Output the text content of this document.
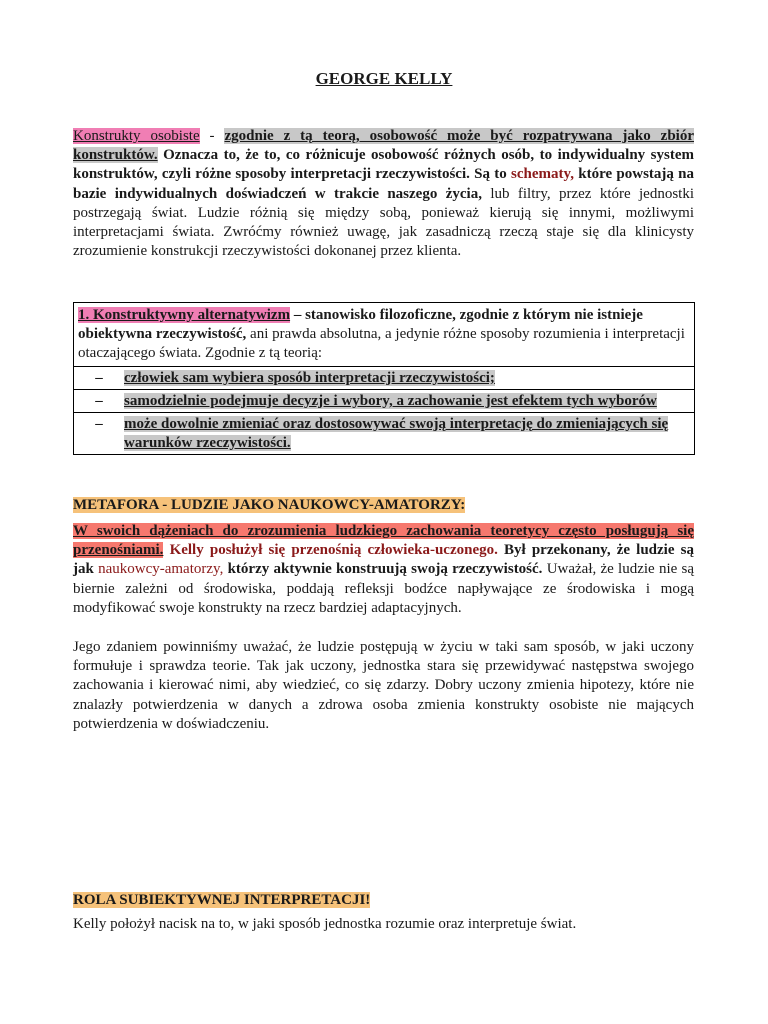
GEORGE KELLY
Konstrukty osobiste - zgodnie z tą teorą, osobowość może być rozpatrywana jako zbiór konstruktów. Oznacza to, że to, co różnicuje osobowość różnych osób, to indywidualny system konstruktów, czyli różne sposoby interpretacji rzeczywistości. Są to schematy, które powstają na bazie indywidualnych doświadczeń w trakcie naszego życia, lub filtry, przez które jednostki postrzegają świat. Ludzie różnią się między sobą, ponieważ kierują się innymi, możliwymi interpretacjami świata. Zwróćmy również uwagę, jak zasadniczą rzeczą staje się dla klinicysty zrozumienie konstrukcji rzeczywistości dokonanej przez klienta.
1. Konstruktywny alternatywizm – stanowisko filozoficzne, zgodnie z którym nie istnieje obiektywna rzeczywistość, ani prawda absolutna, a jedynie różne sposoby rozumienia i interpretacji otaczającego świata. Zgodnie z tą teorią:
–	człowiek sam wybiera sposób interpretacji rzeczywistości;
–	samodzielnie podejmuje decyzje i wybory, a zachowanie jest efektem tych wyborów
–	może dowolnie zmieniać oraz dostosowywać swoją interpretację do zmieniających się warunków rzeczywistości.
METAFORA - LUDZIE JAKO NAUKOWCY-AMATORZY:
W swoich dążeniach do zrozumienia ludzkiego zachowania teoretycy często posługują się przenośniami. Kelly posłużył się przenośnią człowieka-uczonego. Był przekonany, że ludzie są jak naukowcy-amatorzy, którzy aktywnie konstruują swoją rzeczywistość. Uważał, że ludzie nie są biernie zależni od środowiska, poddają refleksji bodźce napływające ze środowiska i mogą modyfikować swoje konstrukty na rzecz bardziej adaptacyjnych.
Jego zdaniem powinniśmy uważać, że ludzie postępują w życiu w taki sam sposób, w jaki uczony formułuje i sprawdza teorie. Tak jak uczony, jednostka stara się przewidywać następstwa swojego zachowania i kierować nimi, aby wiedzieć, co się zdarzy. Dobry uczony zmienia hipotezy, które nie znalazły potwierdzenia w danych a zdrowa osoba zmienia konstrukty osobiste nie mających potwierdzenia w doświadczeniu.
ROLA SUBIEKTYWNEJ INTERPRETACJI!
Kelly położył nacisk na to, w jaki sposób jednostka rozumie oraz interpretuje świat.
